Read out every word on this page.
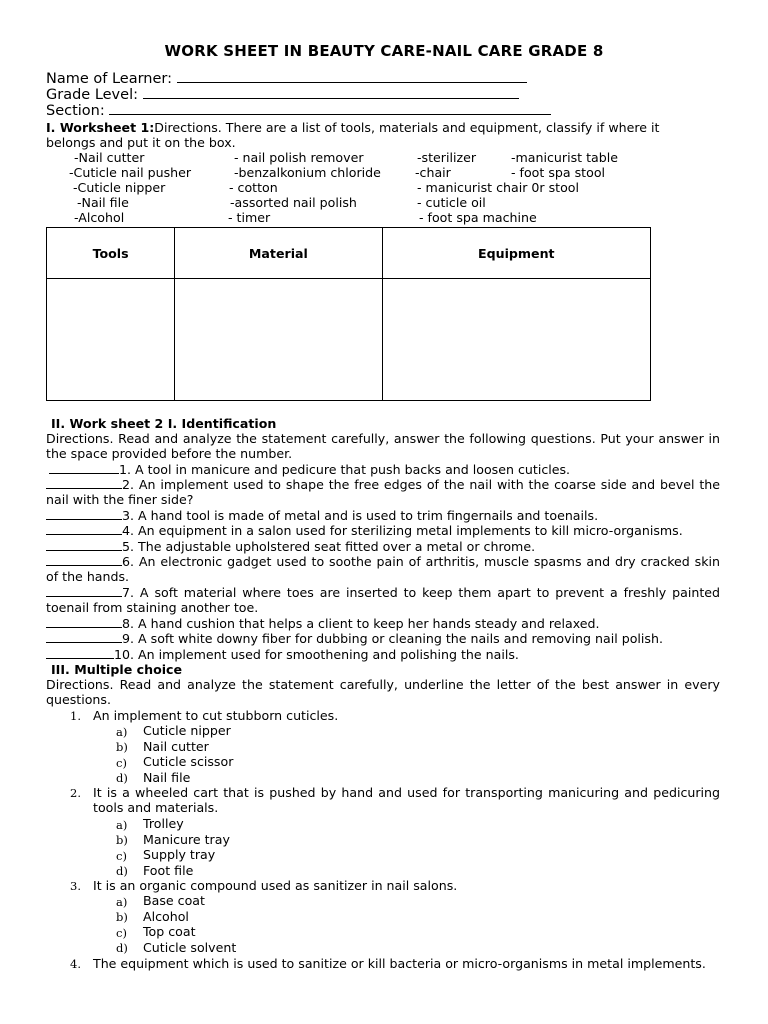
WORK SHEET IN BEAUTY CARE-NAIL CARE GRADE 8
Name of Learner:
Grade Level:
Section:
I. Worksheet 1:Directions. There are a list of tools, materials and equipment, classify if where it
belongs and put it on the box.
-Nail cutter	- nail polish remover	-sterilizer	-manicurist table
-Cuticle nail pusher	-benzalkonium chloride	-chair	- foot spa stool
-Cuticle nipper	- cotton	- manicurist chair 0r stool
-Nail file	-assorted nail polish	- cuticle oil
-Alcohol	- timer	- foot spa machine
Tools	Material	Equipment

II. Work sheet 2 I. Identification
Directions. Read and analyze the statement carefully, answer the following questions. Put your answer in the space provided before the number.
1. A tool in manicure and pedicure that push backs and loosen cuticles.
2. An implement used to shape the free edges of the nail with the coarse side and bevel the nail with the finer side?
3. A hand tool is made of metal and is used to trim fingernails and toenails.
4. An equipment in a salon used for sterilizing metal implements to kill micro-organisms.
5. The adjustable upholstered seat fitted over a metal or chrome.
6. An electronic gadget used to soothe pain of arthritis, muscle spasms and dry cracked skin of the hands.
7. A soft material where toes are inserted to keep them apart to prevent a freshly painted toenail from staining another toe.
8. A hand cushion that helps a client to keep her hands steady and relaxed.
9. A soft white downy fiber for dubbing or cleaning the nails and removing nail polish.
10. An implement used for smoothening and polishing the nails.
III. Multiple choice
Directions. Read and analyze the statement carefully, underline the letter of the best answer in every questions.
1. An implement to cut stubborn cuticles.
a) Cuticle nipper
b) Nail cutter
c) Cuticle scissor
d) Nail file
2. It is a wheeled cart that is pushed by hand and used for transporting manicuring and pedicuring tools and materials.
a) Trolley
b) Manicure tray
c) Supply tray
d) Foot file
3. It is an organic compound used as sanitizer in nail salons.
a) Base coat
b) Alcohol
c) Top coat
d) Cuticle solvent
4. The equipment which is used to sanitize or kill bacteria or micro-organisms in metal implements.
